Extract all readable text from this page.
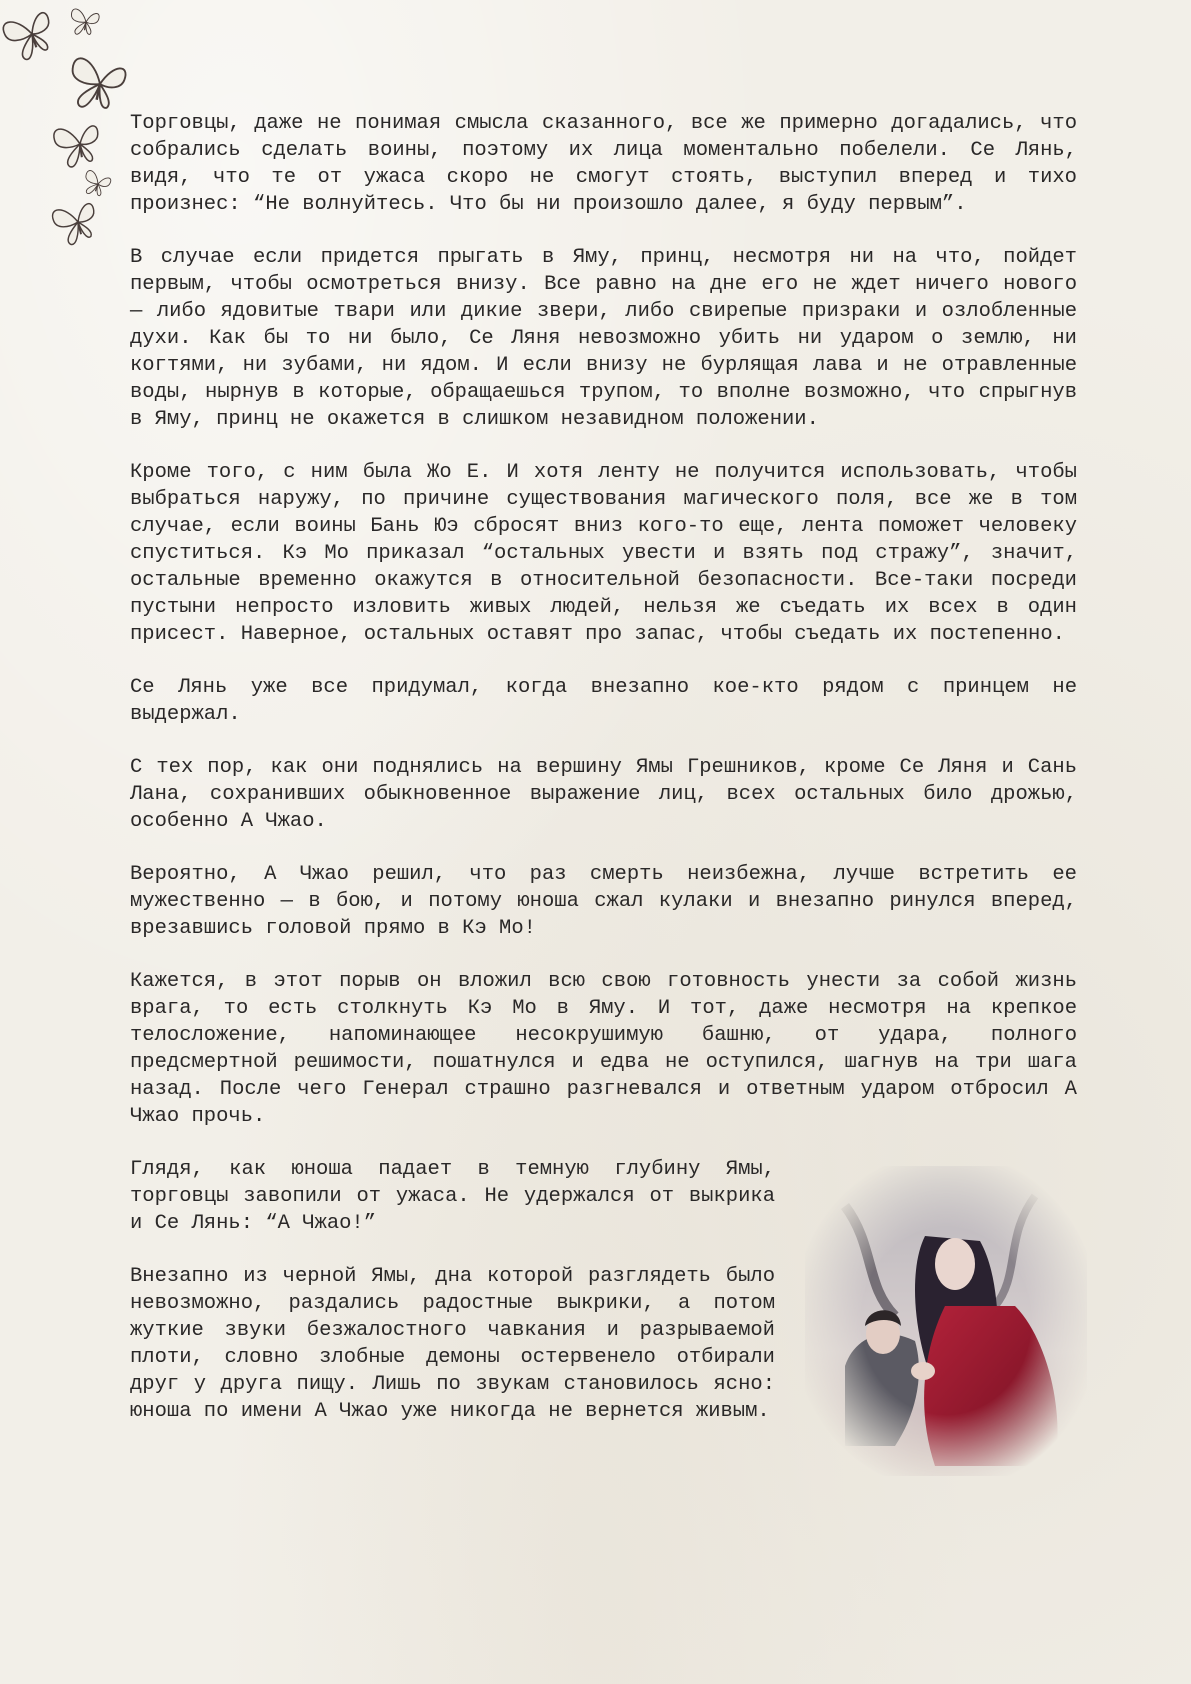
Торговцы, даже не понимая смысла сказанного, все же примерно догадались, что собрались сделать воины, поэтому их лица моментально побелели. Се Лянь, видя, что те от ужаса скоро не смогут стоять, выступил вперед и тихо произнес: “Не волнуйтесь. Что бы ни произошло далее, я буду первым”.

В случае если придется прыгать в Яму, принц, несмотря ни на что, пойдет первым, чтобы осмотреться внизу. Все равно на дне его не ждет ничего нового — либо ядовитые твари или дикие звери, либо свирепые призраки и озлобленные духи. Как бы то ни было, Се Ляня невозможно убить ни ударом о землю, ни когтями, ни зубами, ни ядом. И если внизу не бурлящая лава и не отравленные воды, нырнув в которые, обращаешься трупом, то вполне возможно, что спрыгнув в Яму, принц не окажется в слишком незавидном положении.

Кроме того, с ним была Жо Е. И хотя ленту не получится использовать, чтобы выбраться наружу, по причине существования магического поля, все же в том случае, если воины Бань Юэ сбросят вниз кого-то еще, лента поможет человеку спуститься. Кэ Мо приказал “остальных увести и взять под стражу”, значит, остальные временно окажутся в относительной безопасности. Все-таки посреди пустыни непросто изловить живых людей, нельзя же съедать их всех в один присест. Наверное, остальных оставят про запас, чтобы съедать их постепенно.

Се Лянь уже все придумал, когда внезапно кое-кто рядом с принцем не выдержал.

С тех пор, как они поднялись на вершину Ямы Грешников, кроме Се Ляня и Сань Лана, сохранивших обыкновенное выражение лиц, всех остальных било дрожью, особенно А Чжао.

Вероятно, А Чжао решил, что раз смерть неизбежна, лучше встретить ее мужественно — в бою, и потому юноша сжал кулаки и внезапно ринулся вперед, врезавшись головой прямо в Кэ Мо!

Кажется, в этот порыв он вложил всю свою готовность унести за собой жизнь врага, то есть столкнуть Кэ Мо в Яму. И тот, даже несмотря на крепкое телосложение, напоминающее несокрушимую башню, от удара, полного предсмертной решимости, пошатнулся и едва не оступился, шагнув на три шага назад. После чего Генерал страшно разгневался и ответным ударом отбросил А Чжао прочь.

Глядя, как юноша падает в темную глубину Ямы, торговцы завопили от ужаса. Не удержался от выкрика и Се Лянь: “А Чжао!”

Внезапно из черной Ямы, дна которой разглядеть было невозможно, раздались радостные выкрики, а потом жуткие звуки безжалостного чавкания и разрываемой плоти, словно злобные демоны остервенело отбирали друг у друга пищу. Лишь по звукам становилось ясно: юноша по имени А Чжао уже никогда не вернется живым.
